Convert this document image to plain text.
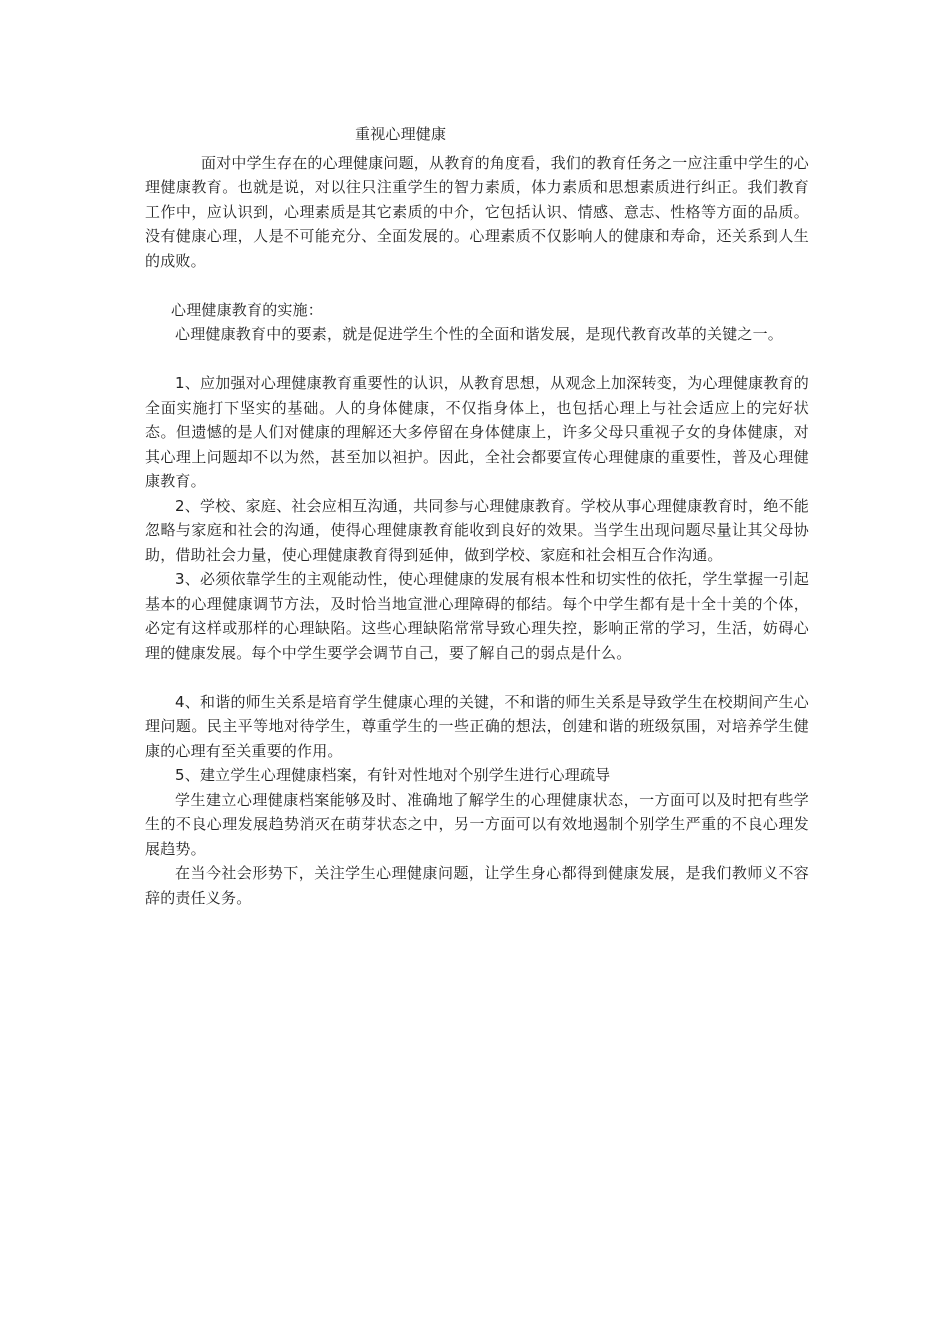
重视心理健康

面对中学生存在的心理健康问题，从教育的角度看，我们的教育任务之一应注重中学生的心理健康教育。也就是说，对以往只注重学生的智力素质，体力素质和思想素质进行纠正。我们教育工作中，应认识到，心理素质是其它素质的中介，它包括认识、情感、意志、性格等方面的品质。没有健康心理，人是不可能充分、全面发展的。心理素质不仅影响人的健康和寿命，还关系到人生的成败。

心理健康教育的实施：

心理健康教育中的要素，就是促进学生个性的全面和谐发展，是现代教育改革的关键之一。

1、应加强对心理健康教育重要性的认识，从教育思想，从观念上加深转变，为心理健康教育的全面实施打下坚实的基础。人的身体健康，不仅指身体上，也包括心理上与社会适应上的完好状态。但遗憾的是人们对健康的理解还大多停留在身体健康上，许多父母只重视子女的身体健康，对其心理上问题却不以为然，甚至加以袒护。因此，全社会都要宣传心理健康的重要性，普及心理健康教育。

2、学校、家庭、社会应相互沟通，共同参与心理健康教育。学校从事心理健康教育时，绝不能忽略与家庭和社会的沟通，使得心理健康教育能收到良好的效果。当学生出现问题尽量让其父母协助，借助社会力量，使心理健康教育得到延伸，做到学校、家庭和社会相互合作沟通。

3、必须依靠学生的主观能动性，使心理健康的发展有根本性和切实性的依托，学生掌握一引起基本的心理健康调节方法，及时恰当地宣泄心理障碍的郁结。每个中学生都有是十全十美的个体，必定有这样或那样的心理缺陷。这些心理缺陷常常导致心理失控，影响正常的学习，生活，妨碍心理的健康发展。每个中学生要学会调节自己，要了解自己的弱点是什么。

4、和谐的师生关系是培育学生健康心理的关键，不和谐的师生关系是导致学生在校期间产生心理问题。民主平等地对待学生，尊重学生的一些正确的想法，创建和谐的班级氛围，对培养学生健康的心理有至关重要的作用。

5、建立学生心理健康档案，有针对性地对个别学生进行心理疏导

学生建立心理健康档案能够及时、准确地了解学生的心理健康状态，一方面可以及时把有些学生的不良心理发展趋势消灭在萌芽状态之中，另一方面可以有效地遏制个别学生严重的不良心理发展趋势。

在当今社会形势下，关注学生心理健康问题，让学生身心都得到健康发展，是我们教师义不容辞的责任义务。
